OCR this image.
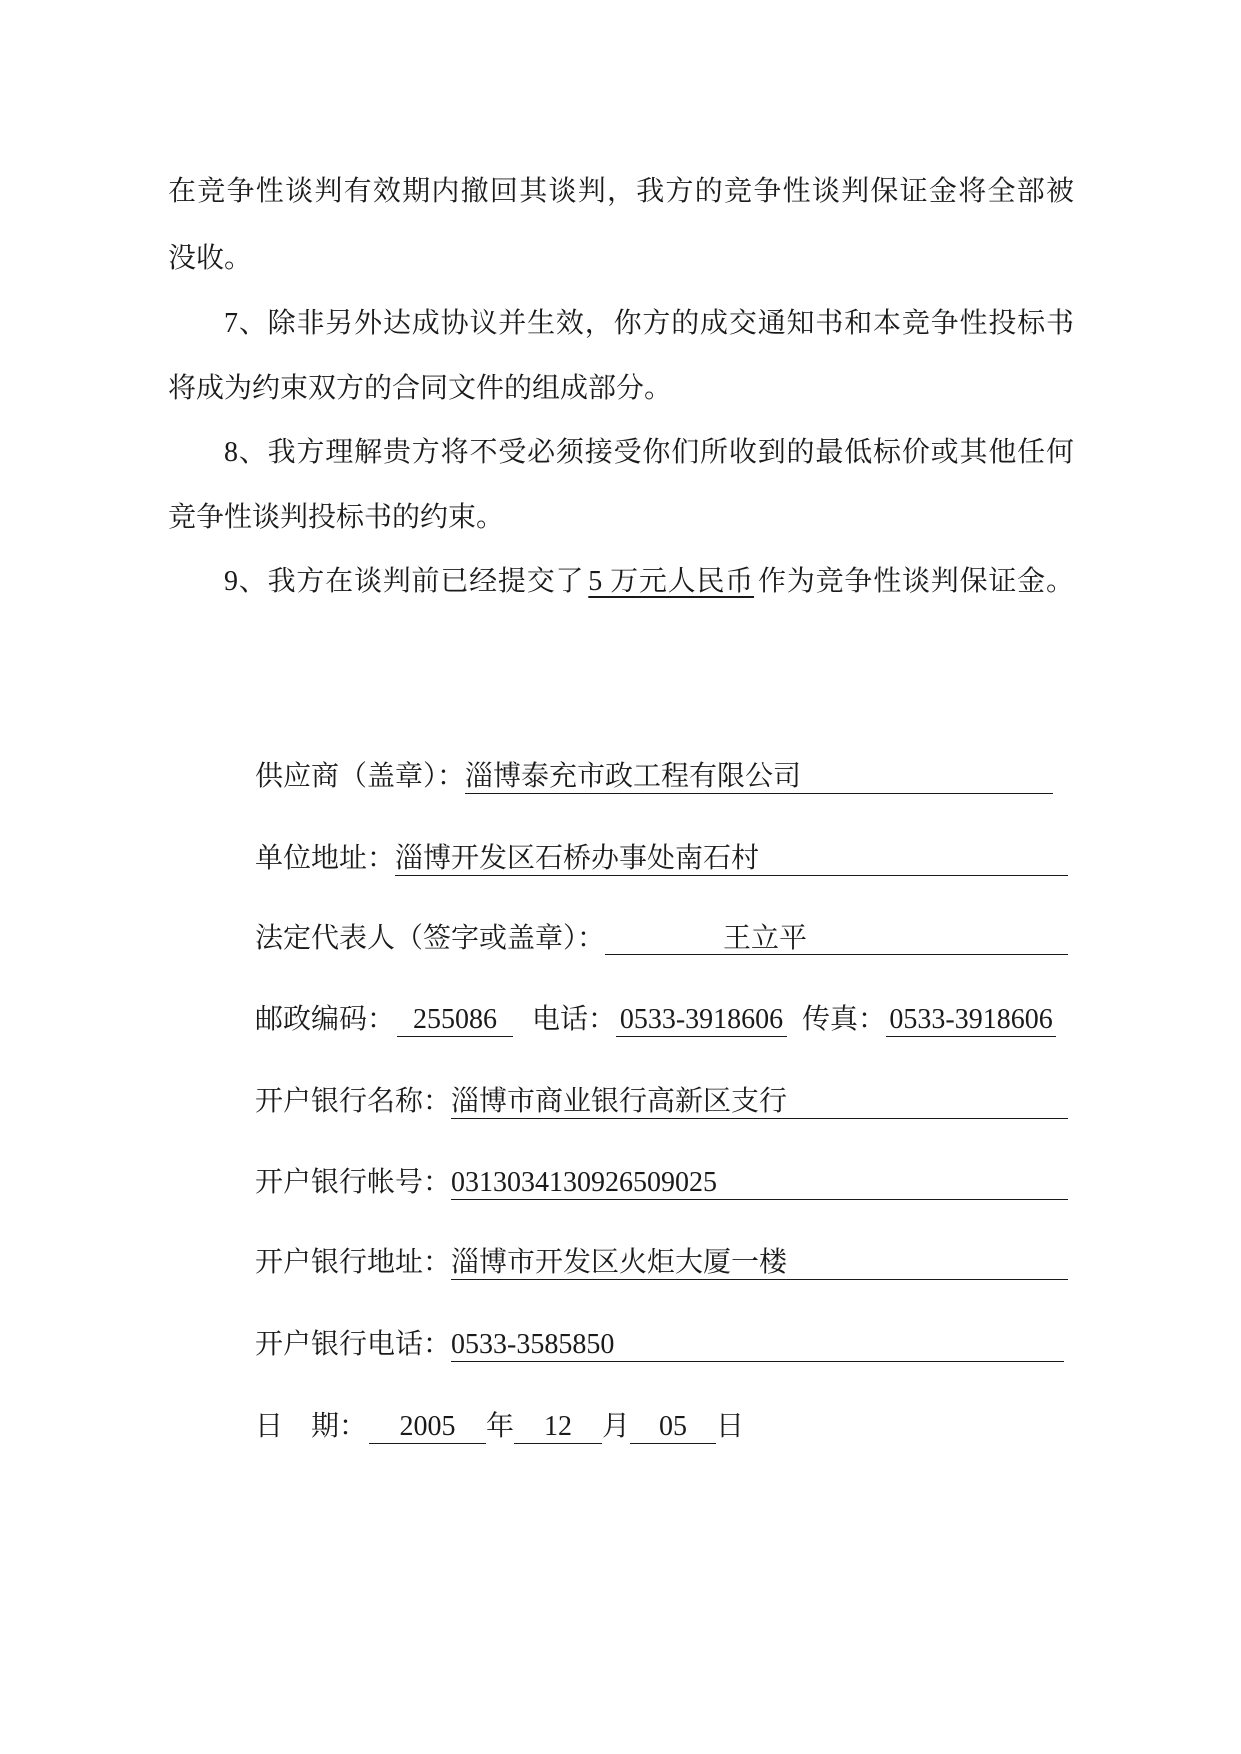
在竞争性谈判有效期内撤回其谈判，我方的竞争性谈判保证金将全部被
没收。
7、除非另外达成协议并生效，你方的成交通知书和本竞争性投标书
将成为约束双方的合同文件的组成部分。
8、我方理解贵方将不受必须接受你们所收到的最低标价或其他任何
竞争性谈判投标书的约束。
9、我方在谈判前已经提交了 5 万元人民币 作为竞争性谈判保证金。
供应商（盖章）： 淄博泰充市政工程有限公司
单位地址： 淄博开发区石桥办事处南石村
法定代表人（签字或盖章）：	王立平
邮政编码： 255086	电话： 0533-3918606 传真： 0533-3918606
开户银行名称： 淄博市商业银行高新区支行
开户银行帐号： 0313034130926509025
开户银行地址： 淄博市开发区火炬大厦一楼
开户银行电话： 0533-3585850
日　期：	2005	年	12	月	05	日
